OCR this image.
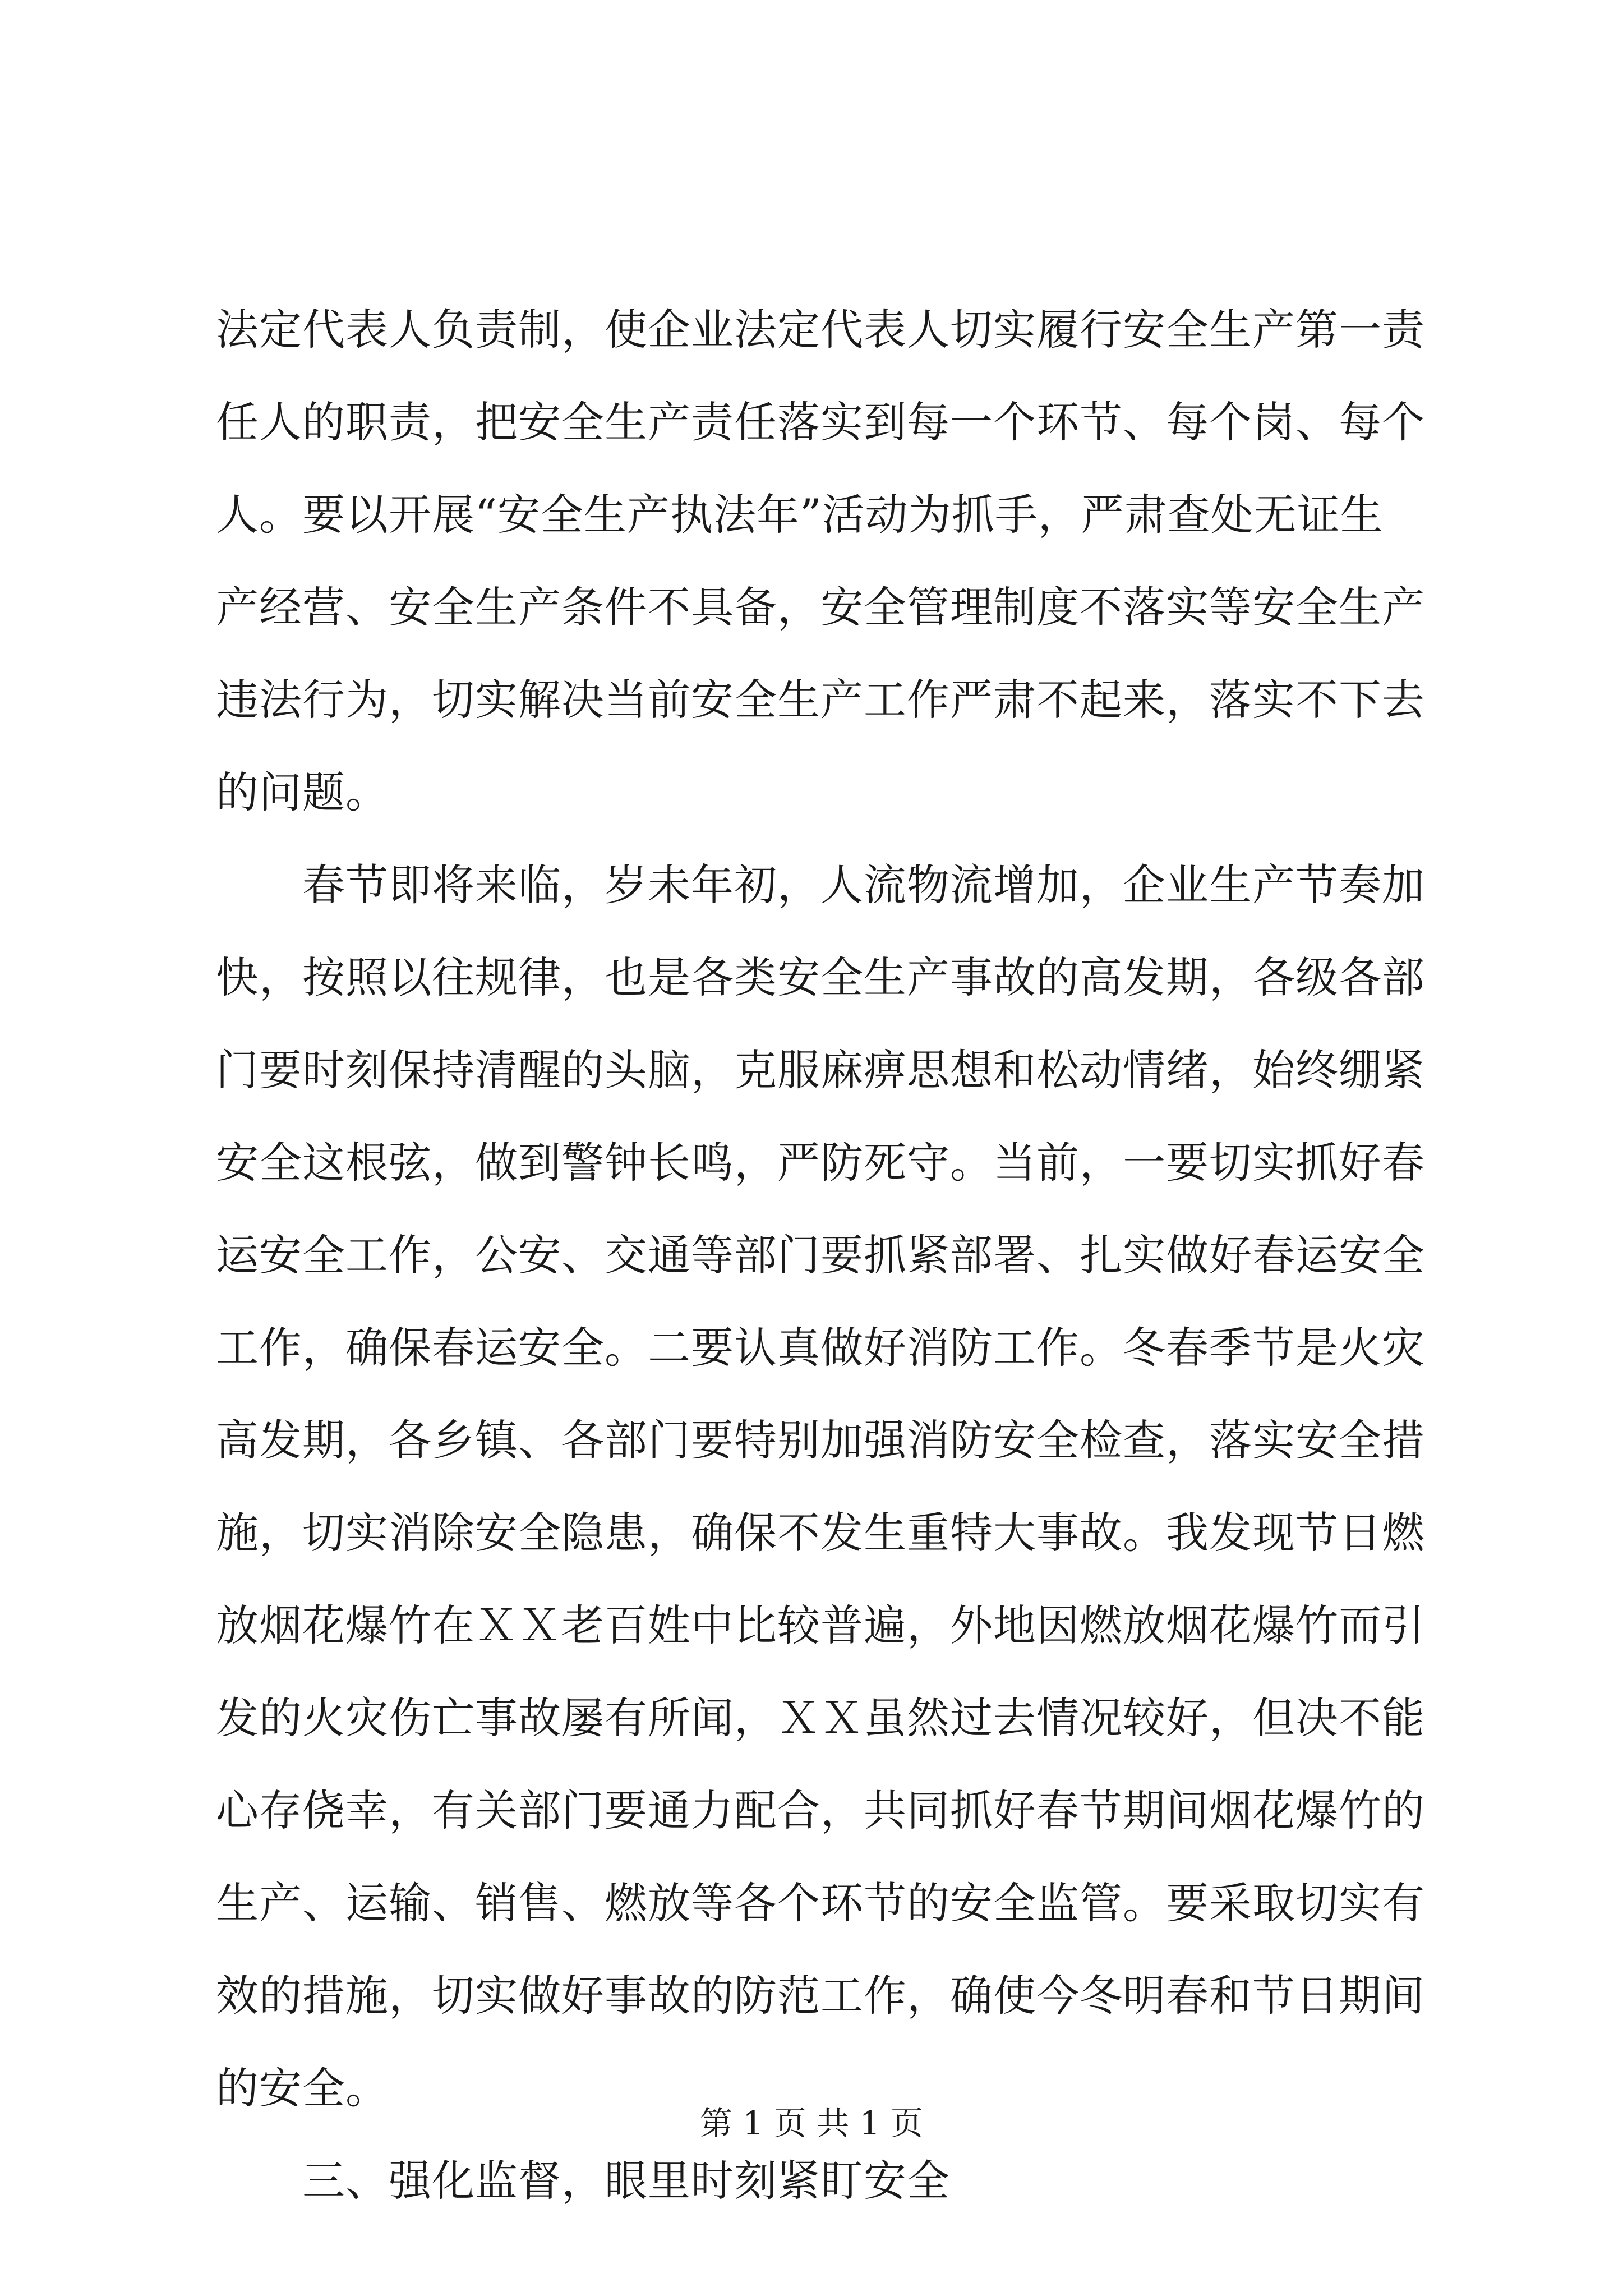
法定代表人负责制，使企业法定代表人切实履行安全生产第一责
任人的职责，把安全生产责任落实到每一个环节、每个岗、每个
人。要以开展“安全生产执法年”活动为抓手，严肃查处无证生
产经营、安全生产条件不具备，安全管理制度不落实等安全生产
违法行为，切实解决当前安全生产工作严肃不起来，落实不下去
的问题。
　　春节即将来临，岁未年初，人流物流增加，企业生产节奏加
快，按照以往规律，也是各类安全生产事故的高发期，各级各部
门要时刻保持清醒的头脑，克服麻痹思想和松动情绪，始终绷紧
安全这根弦，做到警钟长鸣，严防死守。当前，一要切实抓好春
运安全工作，公安、交通等部门要抓紧部署、扎实做好春运安全
工作，确保春运安全。二要认真做好消防工作。冬春季节是火灾
高发期，各乡镇、各部门要特别加强消防安全检查，落实安全措
施，切实消除安全隐患，确保不发生重特大事故。我发现节日燃
放烟花爆竹在ＸＸ老百姓中比较普遍，外地因燃放烟花爆竹而引
发的火灾伤亡事故屡有所闻，ＸＸ虽然过去情况较好，但决不能
心存侥幸，有关部门要通力配合，共同抓好春节期间烟花爆竹的
生产、运输、销售、燃放等各个环节的安全监管。要采取切实有
效的措施，切实做好事故的防范工作，确使今冬明春和节日期间
的安全。
　　三、强化监督，眼里时刻紧盯安全
第 1 页 共 1 页
